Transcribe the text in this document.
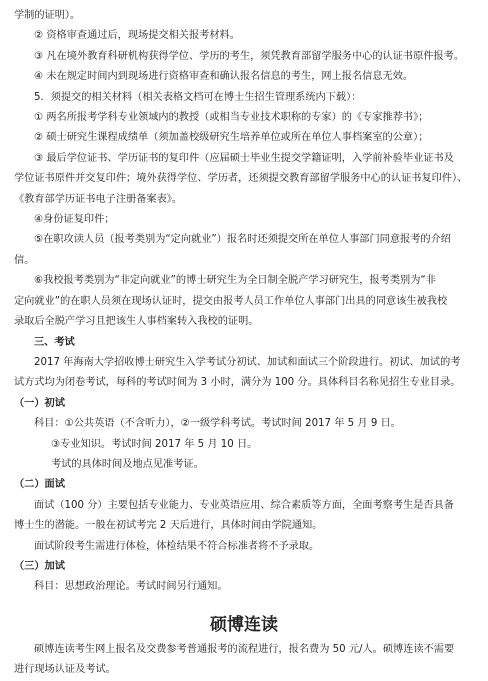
学制的证明）。
② 资格审查通过后，现场提交相关报考材料。
③ 凡在境外教育科研机构获得学位、学历的考生，须凭教育部留学服务中心的认证书原件报考。
④ 未在规定时间内到现场进行资格审查和确认报名信息的考生，网上报名信息无效。
5．须提交的相关材料（相关表格文档可在博士生招生管理系统内下载）：
① 两名所报考学科专业领域内的教授（或相当专业技术职称的专家）的《专家推荐书》；
② 硕士研究生课程成绩单（须加盖校级研究生培养单位或所在单位人事档案室的公章）；
③ 最后学位证书、学历证书的复印件（应届硕士毕业生提交学籍证明，入学前补验毕业证书及
学位证书原件并交复印件；境外获得学位、学历者，还须提交教育部留学服务中心的认证书复印件）、
《教育部学历证书电子注册备案表》。
④身份证复印件；
⑤在职攻读人员（报考类别为“定向就业”）报名时还须提交所在单位人事部门同意报考的介绍
信。
⑥我校报考类别为“非定向就业”的博士研究生为全日制全脱产学习研究生，报考类别为“非
定向就业”的在职人员须在现场认证时，提交由报考人员工作单位人事部门出具的同意该生被我校
录取后全脱产学习且把该生人事档案转入我校的证明。
三、考试
2017 年海南大学招收博士研究生入学考试分初试、加试和面试三个阶段进行。初试、加试的考
试方式均为闭卷考试，每科的考试时间为 3 小时，满分为 100 分。具体科目名称见招生专业目录。
（一）初试
科目：①公共英语（不含听力），②一级学科考试。考试时间 2017 年 5 月 9 日。
③专业知识。考试时间 2017 年 5 月 10 日。
考试的具体时间及地点见准考证。
（二）面试
面试（100 分）主要包括专业能力、专业英语应用、综合素质等方面，全面考察考生是否具备
博士生的潜能。一般在初试考完 2 天后进行，具体时间由学院通知。
面试阶段考生需进行体检，体检结果不符合标准者将不予录取。
（三）加试
科目：思想政治理论。考试时间另行通知。
硕博连读
硕博连读考生网上报名及交费参考普通报考的流程进行，报名费为 50 元/人。硕博连读不需要
进行现场认证及考试。
